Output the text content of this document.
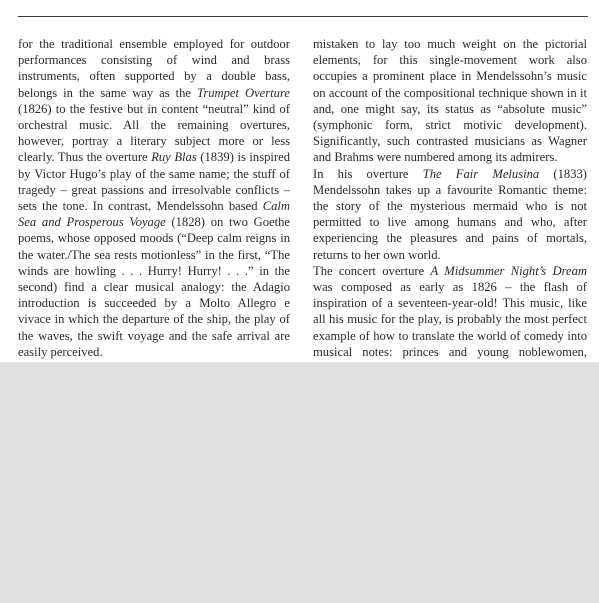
for the traditional ensemble employed for outdoor performances consisting of wind and brass instruments, often supported by a double bass, belongs in the same way as the Trumpet Overture (1826) to the festive but in content “neutral” kind of orchestral music. All the remaining overtures, however, portray a literary subject more or less clearly. Thus the overture Ruy Blas (1839) is inspired by Victor Hugo’s play of the same name; the stuff of tragedy – great passions and irresolvable conflicts – sets the tone. In contrast, Mendelssohn based Calm Sea and Prosperous Voyage (1828) on two Goethe poems, whose opposed moods (“Deep calm reigns in the water./The sea rests motionless” in the first, “The winds are howling . . . Hurry! Hurry! . . .” in the second) find a clear musical analogy: the Adagio introduction is succeeded by a Molto Allegro e vivace in which the departure of the ship, the play of the waves, the swift voyage and the safe arrival are easily perceived.

mistaken to lay too much weight on the pictorial elements, for this single-movement work also occupies a prominent place in Mendelssohn’s music on account of the compositional technique shown in it and, one might say, its status as “absolute music” (symphonic form, strict motivic development). Significantly, such contrasted musicians as Wagner and Brahms were numbered among its admirers.

In his overture The Fair Melusina (1833) Mendelssohn takes up a favourite Romantic theme: the story of the mysterious mermaid who is not permitted to live among humans and who, after experiencing the pleasures and pains of mortals, returns to her own world.

The concert overture A Midsummer Night’s Dream was composed as early as 1826 – the flash of inspiration of a seventeen-year-old! This music, like all his music for the play, is probably the most perfect example of how to translate the world of comedy into musical notes: princes and young noblewomen,
